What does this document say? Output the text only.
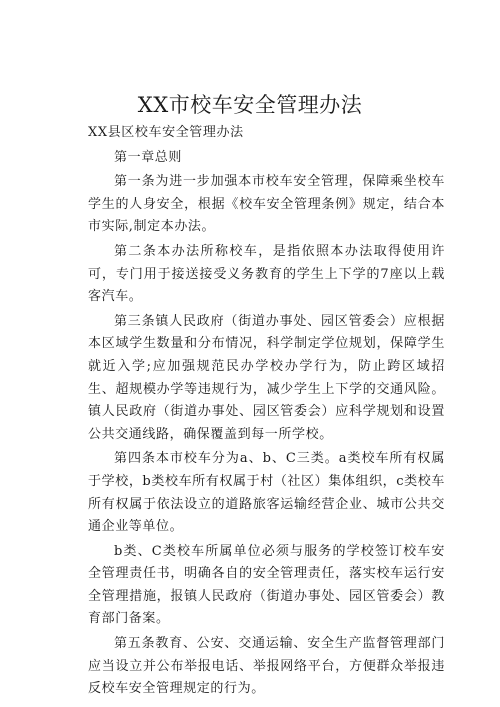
XX市校车安全管理办法

XX县区校车安全管理办法

第一章总则

第一条为进一步加强本市校车安全管理，保障乘坐校车学生的人身安全，根据《校车安全管理条例》规定，结合本市实际,制定本办法。

第二条本办法所称校车，是指依照本办法取得使用许可，专门用于接送接受义务教育的学生上下学的7座以上载客汽车。

第三条镇人民政府（街道办事处、园区管委会）应根据本区域学生数量和分布情况，科学制定学位规划，保障学生就近入学;应加强规范民办学校办学行为，防止跨区域招生、超规模办学等违规行为，减少学生上下学的交通风险。镇人民政府（街道办事处、园区管委会）应科学规划和设置公共交通线路，确保覆盖到每一所学校。

第四条本市校车分为a、b、C三类。a类校车所有权属于学校，b类校车所有权属于村（社区）集体组织，c类校车所有权属于依法设立的道路旅客运输经营企业、城市公共交通企业等单位。

b类、C类校车所属单位必须与服务的学校签订校车安全管理责任书，明确各自的安全管理责任，落实校车运行安全管理措施，报镇人民政府（街道办事处、园区管委会）教育部门备案。

第五条教育、公安、交通运输、安全生产监督管理部门应当设立并公布举报电话、举报网络平台，方便群众举报违反校车安全管理规定的行为。
